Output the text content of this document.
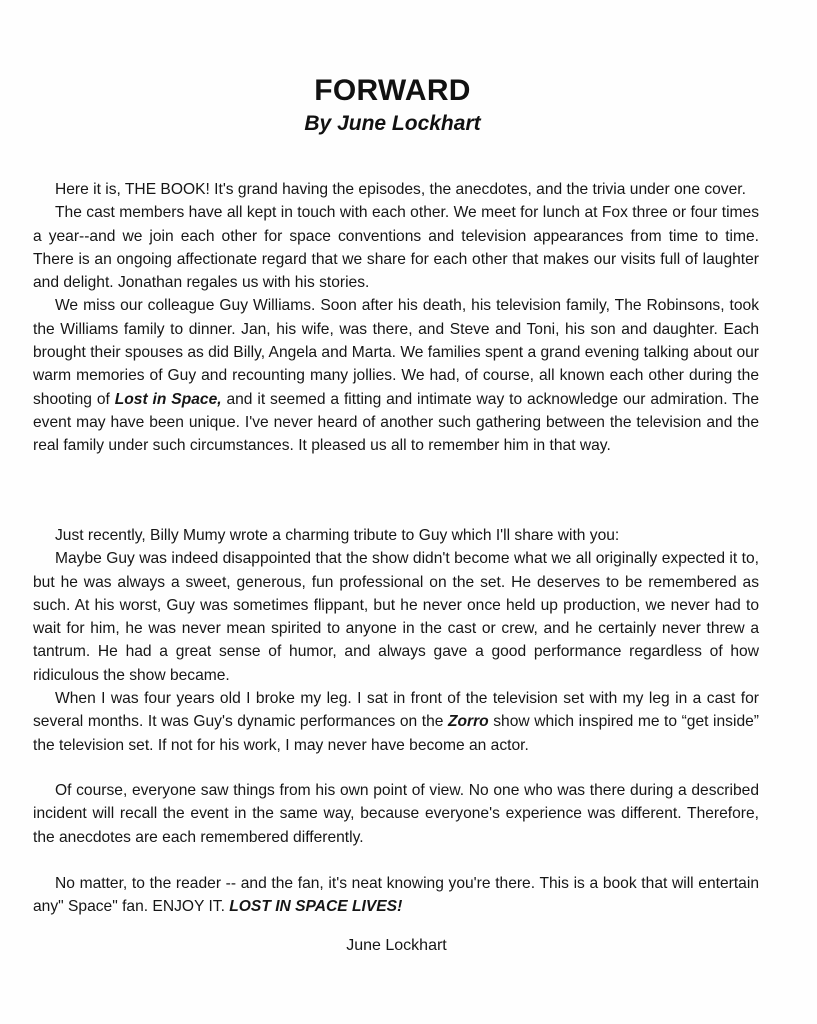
FORWARD
By June Lockhart

Here it is, THE BOOK! It's grand having the episodes, the anecdotes, and the trivia under one cover.

The cast members have all kept in touch with each other. We meet for lunch at Fox three or four times a year--and we join each other for space conventions and television appearances from time to time. There is an ongoing affectionate regard that we share for each other that makes our visits full of laughter and delight. Jonathan regales us with his stories.

We miss our colleague Guy Williams. Soon after his death, his television family, The Robinsons, took the Williams family to dinner. Jan, his wife, was there, and Steve and Toni, his son and daughter. Each brought their spouses as did Billy, Angela and Marta. We families spent a grand evening talking about our warm memories of Guy and recounting many jollies. We had, of course, all known each other during the shooting of Lost in Space, and it seemed a fitting and intimate way to acknowledge our admiration. The event may have been unique. I've never heard of another such gathering between the television and the real family under such circumstances. It pleased us all to remember him in that way.

Just recently, Billy Mumy wrote a charming tribute to Guy which I'll share with you:

Maybe Guy was indeed disappointed that the show didn't become what we all originally expected it to, but he was always a sweet, generous, fun professional on the set. He deserves to be remembered as such. At his worst, Guy was sometimes flippant, but he never once held up production, we never had to wait for him, he was never mean spirited to anyone in the cast or crew, and he certainly never threw a tantrum. He had a great sense of humor, and always gave a good performance regardless of how ridiculous the show became.

When I was four years old I broke my leg. I sat in front of the television set with my leg in a cast for several months. It was Guy's dynamic performances on the Zorro show which inspired me to “get inside” the television set. If not for his work, I may never have become an actor.

Of course, everyone saw things from his own point of view. No one who was there during a described incident will recall the event in the same way, because everyone's experience was different. Therefore, the anecdotes are each remembered differently.

No matter, to the reader -- and the fan, it's neat knowing you're there. This is a book that will entertain any" Space" fan. ENJOY IT. LOST IN SPACE LIVES!

June Lockhart
